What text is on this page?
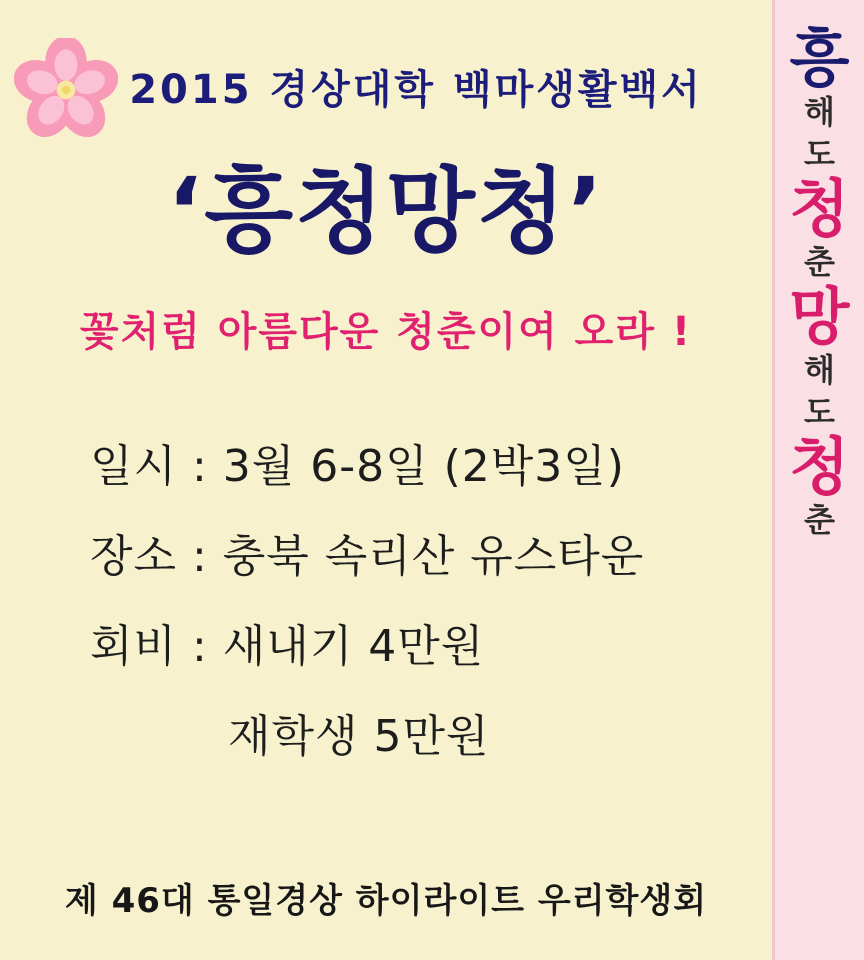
2015 경상대학 백마생활백서
‘흥청망청’
꽃처럼 아름다운 청춘이여 오라 !
일시 : 3월 6-8일 (2박3일)
장소 : 충북 속리산 유스타운
회비 : 새내기 4만원
재학생 5만원
제 46대 통일경상 하이라이트 우리학생회
흥
해
도
청
춘
망
해
도
청
춘
